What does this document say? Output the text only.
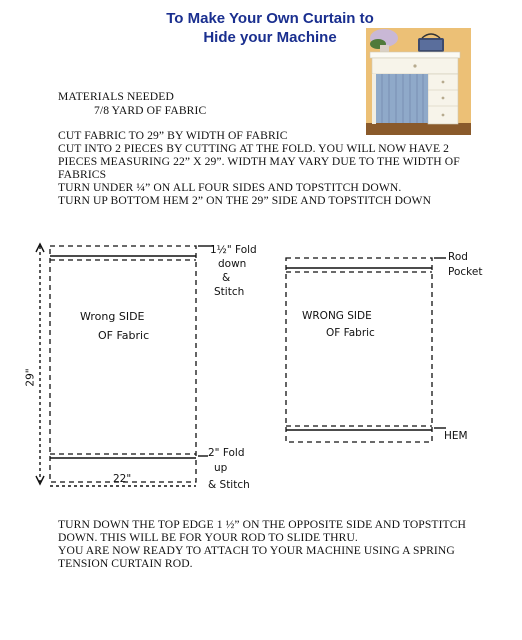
To Make Your Own Curtain to
Hide your Machine
MATERIALS NEEDED
7/8 YARD OF FABRIC
CUT FABRIC TO 29” BY WIDTH OF FABRIC
CUT INTO 2 PIECES BY CUTTING AT THE FOLD. YOU WILL NOW HAVE 2
PIECES MEASURING 22” X 29”. WIDTH MAY VARY DUE TO THE WIDTH OF
FABRICS
TURN UNDER ¼” ON ALL FOUR SIDES AND TOPSTITCH DOWN.
TURN UP BOTTOM HEM 2” ON THE 29” SIDE AND TOPSTITCH DOWN
Wrong SIDE
OF Fabric
1½" Fold
down
&
Stitch
2" Fold
up
& Stitch
29"
22"
WRONG SIDE
OF Fabric
Rod
Pocket
HEM
TURN DOWN THE TOP EDGE 1 ½” ON THE OPPOSITE SIDE AND TOPSTITCH
DOWN. THIS WILL BE FOR YOUR ROD TO SLIDE THRU.
YOU ARE NOW READY TO ATTACH TO YOUR MACHINE USING A SPRING
TENSION CURTAIN ROD.
